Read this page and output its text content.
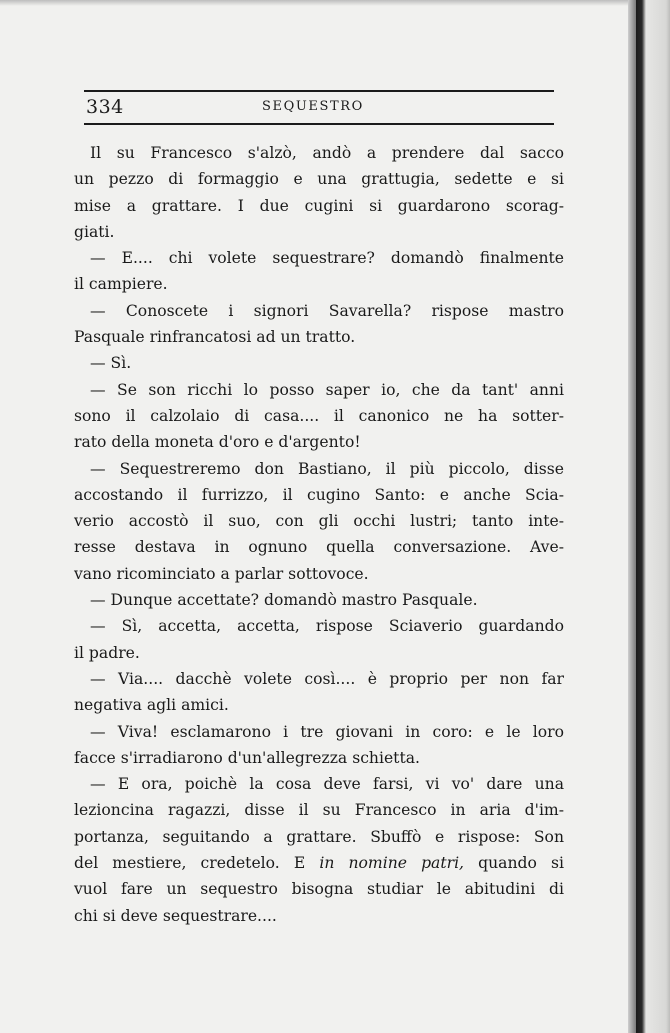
334	SEQUESTRO
Il su Francesco s'alzò, andò a prendere dal sacco
un pezzo di formaggio e una grattugia, sedette e si
mise a grattare. I due cugini si guardarono scorag-
giati.
— E.... chi volete sequestrare? domandò finalmente
il campiere.
— Conoscete i signori Savarella? rispose mastro
Pasquale rinfrancatosi ad un tratto.
— Sì.
— Se son ricchi lo posso saper io, che da tant' anni
sono il calzolaio di casa.... il canonico ne ha sotter-
rato della moneta d'oro e d'argento!
— Sequestreremo don Bastiano, il più piccolo, disse
accostando il furrizzo, il cugino Santo: e anche Scia-
verio accostò il suo, con gli occhi lustri; tanto inte-
resse destava in ognuno quella conversazione. Ave-
vano ricominciato a parlar sottovoce.
— Dunque accettate? domandò mastro Pasquale.
— Sì, accetta, accetta, rispose Sciaverio guardando
il padre.
— Via.... dacchè volete così.... è proprio per non far
negativa agli amici.
— Viva! esclamarono i tre giovani in coro: e le loro
facce s'irradiarono d'un'allegrezza schietta.
— E ora, poichè la cosa deve farsi, vi vo' dare una
lezioncina ragazzi, disse il su Francesco in aria d'im-
portanza, seguitando a grattare. Sbuffò e rispose: Son
del mestiere, credetelo. E in nomine patri, quando si
vuol fare un sequestro bisogna studiar le abitudini di
chi si deve sequestrare....
